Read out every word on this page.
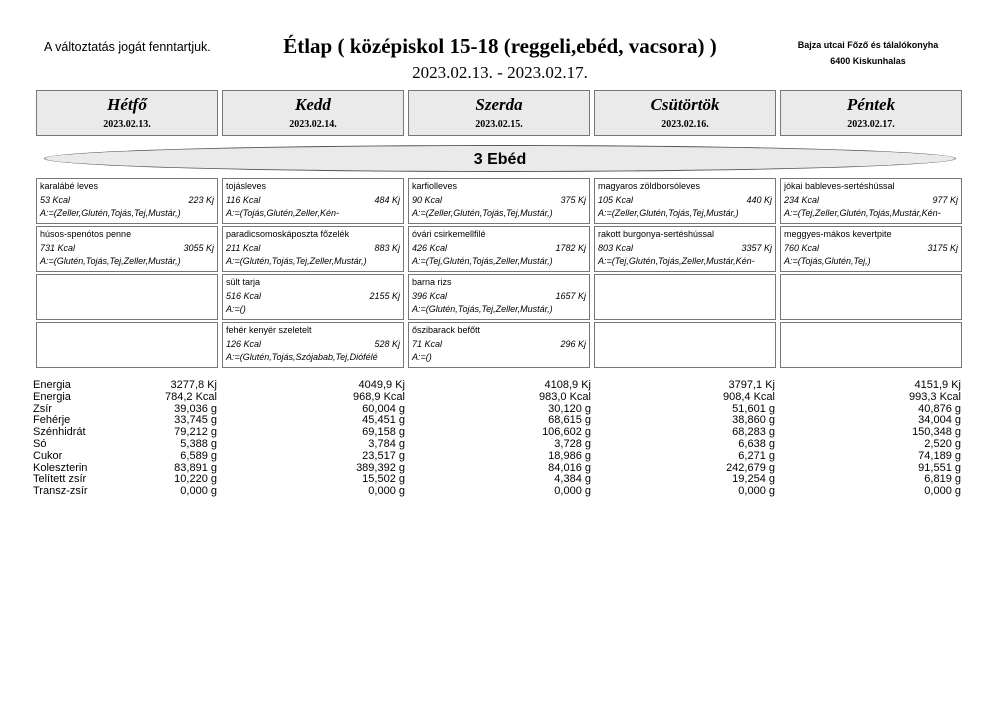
A változtatás jogát fenntartjuk.	Étlap ( középiskol 15-18 (reggeli,ebéd, vacsora) )
2023.02.13. - 2023.02.17.
Bajza utcai Főző és tálalókonyha
6400 Kiskunhalas
Hétfő
2023.02.13.
Kedd
2023.02.14.
Szerda
2023.02.15.
Csütörtök
2023.02.16.
Péntek
2023.02.17.
3 Ebéd
karalábé leves
53 Kcal	223 Kj
A:=(Zeller,Glutén,Tojás,Tej,Mustár,)
tojásleves
116 Kcal	484 Kj
A:=(Tojás,Glutén,Zeller,Kén-
karfiolleves
90 Kcal	375 Kj
A:=(Zeller,Glutén,Tojás,Tej,Mustár,)
magyaros zöldborsóleves
105 Kcal	440 Kj
A:=(Zeller,Glutén,Tojás,Tej,Mustár,)
jókai bableves-sertéshússal
234 Kcal	977 Kj
A:=(Tej,Zeller,Glutén,Tojás,Mustár,Kén-
húsos-spenótos penne
731 Kcal	3055 Kj
A:=(Glutén,Tojás,Tej,Zeller,Mustár,)
paradicsomoskáposzta főzelék
211 Kcal	883 Kj
A:=(Glutén,Tojás,Tej,Zeller,Mustár,)
óvári csirkemellfilé
426 Kcal	1782 Kj
A:=(Tej,Glutén,Tojás,Zeller,Mustár,)
rakott burgonya-sertéshússal
803 Kcal	3357 Kj
A:=(Tej,Glutén,Tojás,Zeller,Mustár,Kén-
meggyes-mákos kevertpite
760 Kcal	3175 Kj
A:=(Tojás,Glutén,Tej,)
sült tarja
516 Kcal	2155 Kj
A:=()
barna rizs
396 Kcal	1657 Kj
A:=(Glutén,Tojás,Tej,Zeller,Mustár,)
fehér kenyér szeletelt
126 Kcal	528 Kj
A:=(Glutén,Tojás,Szójabab,Tej,Diófélé
őszibarack befőtt
71 Kcal	296 Kj
A:=()
Energia	3277,8 Kj	4049,9 Kj	4108,9 Kj	3797,1 Kj	4151,9 Kj
Energia	784,2 Kcal	968,9 Kcal	983,0 Kcal	908,4 Kcal	993,3 Kcal
Zsír	39,036 g	60,004 g	30,120 g	51,601 g	40,876 g
Fehérje	33,745 g	45,451 g	68,615 g	38,860 g	34,004 g
Szénhidrát	79,212 g	69,158 g	106,602 g	68,283 g	150,348 g
Só	5,388 g	3,784 g	3,728 g	6,638 g	2,520 g
Cukor	6,589 g	23,517 g	18,986 g	6,271 g	74,189 g
Koleszterin	83,891 g	389,392 g	84,016 g	242,679 g	91,551 g
Telített zsír	10,220 g	15,502 g	4,384 g	19,254 g	6,819 g
Transz-zsír	0,000 g	0,000 g	0,000 g	0,000 g	0,000 g
